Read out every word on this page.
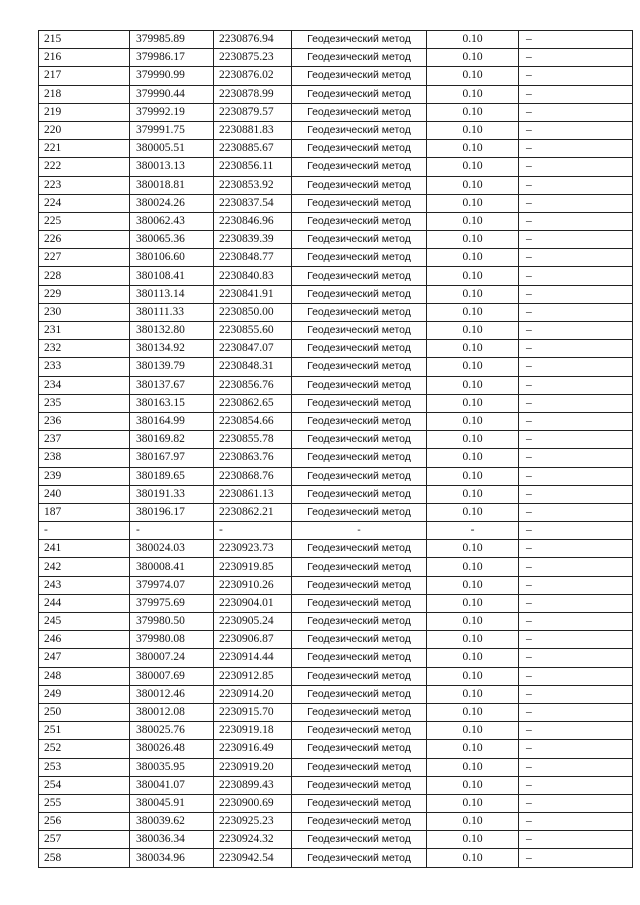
215	379985.89	2230876.94	Геодезический метод	0.10	–
216	379986.17	2230875.23	Геодезический метод	0.10	–
217	379990.99	2230876.02	Геодезический метод	0.10	–
218	379990.44	2230878.99	Геодезический метод	0.10	–
219	379992.19	2230879.57	Геодезический метод	0.10	–
220	379991.75	2230881.83	Геодезический метод	0.10	–
221	380005.51	2230885.67	Геодезический метод	0.10	–
222	380013.13	2230856.11	Геодезический метод	0.10	–
223	380018.81	2230853.92	Геодезический метод	0.10	–
224	380024.26	2230837.54	Геодезический метод	0.10	–
225	380062.43	2230846.96	Геодезический метод	0.10	–
226	380065.36	2230839.39	Геодезический метод	0.10	–
227	380106.60	2230848.77	Геодезический метод	0.10	–
228	380108.41	2230840.83	Геодезический метод	0.10	–
229	380113.14	2230841.91	Геодезический метод	0.10	–
230	380111.33	2230850.00	Геодезический метод	0.10	–
231	380132.80	2230855.60	Геодезический метод	0.10	–
232	380134.92	2230847.07	Геодезический метод	0.10	–
233	380139.79	2230848.31	Геодезический метод	0.10	–
234	380137.67	2230856.76	Геодезический метод	0.10	–
235	380163.15	2230862.65	Геодезический метод	0.10	–
236	380164.99	2230854.66	Геодезический метод	0.10	–
237	380169.82	2230855.78	Геодезический метод	0.10	–
238	380167.97	2230863.76	Геодезический метод	0.10	–
239	380189.65	2230868.76	Геодезический метод	0.10	–
240	380191.33	2230861.13	Геодезический метод	0.10	–
187	380196.17	2230862.21	Геодезический метод	0.10	–
-	-	-	-	-	–
241	380024.03	2230923.73	Геодезический метод	0.10	–
242	380008.41	2230919.85	Геодезический метод	0.10	–
243	379974.07	2230910.26	Геодезический метод	0.10	–
244	379975.69	2230904.01	Геодезический метод	0.10	–
245	379980.50	2230905.24	Геодезический метод	0.10	–
246	379980.08	2230906.87	Геодезический метод	0.10	–
247	380007.24	2230914.44	Геодезический метод	0.10	–
248	380007.69	2230912.85	Геодезический метод	0.10	–
249	380012.46	2230914.20	Геодезический метод	0.10	–
250	380012.08	2230915.70	Геодезический метод	0.10	–
251	380025.76	2230919.18	Геодезический метод	0.10	–
252	380026.48	2230916.49	Геодезический метод	0.10	–
253	380035.95	2230919.20	Геодезический метод	0.10	–
254	380041.07	2230899.43	Геодезический метод	0.10	–
255	380045.91	2230900.69	Геодезический метод	0.10	–
256	380039.62	2230925.23	Геодезический метод	0.10	–
257	380036.34	2230924.32	Геодезический метод	0.10	–
258	380034.96	2230942.54	Геодезический метод	0.10	–
